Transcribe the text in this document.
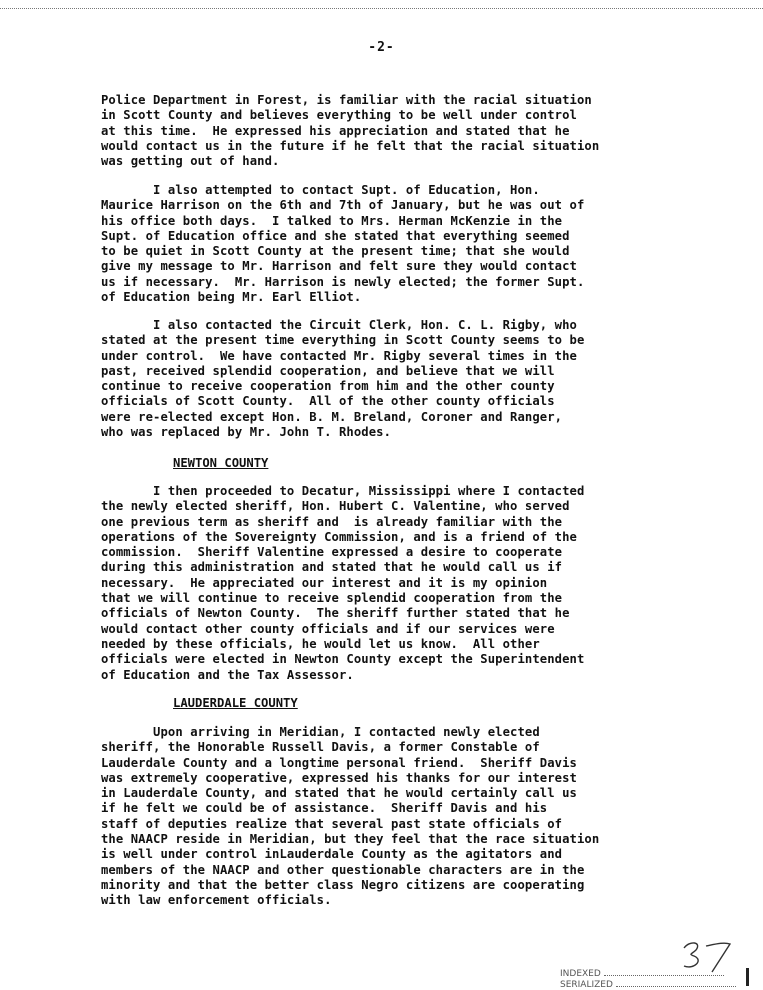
-2-
Police Department in Forest, is familiar with the racial situation
in Scott County and believes everything to be well under control
at this time.  He expressed his appreciation and stated that he
would contact us in the future if he felt that the racial situation
was getting out of hand.
I also attempted to contact Supt. of Education, Hon.
Maurice Harrison on the 6th and 7th of January, but he was out of
his office both days.  I talked to Mrs. Herman McKenzie in the
Supt. of Education office and she stated that everything seemed
to be quiet in Scott County at the present time; that she would
give my message to Mr. Harrison and felt sure they would contact
us if necessary.  Mr. Harrison is newly elected; the former Supt.
of Education being Mr. Earl Elliot.
I also contacted the Circuit Clerk, Hon. C. L. Rigby, who
stated at the present time everything in Scott County seems to be
under control.  We have contacted Mr. Rigby several times in the
past, received splendid cooperation, and believe that we will
continue to receive cooperation from him and the other county
officials of Scott County.  All of the other county officials
were re-elected except Hon. B. M. Breland, Coroner and Ranger,
who was replaced by Mr. John T. Rhodes.
NEWTON COUNTY
I then proceeded to Decatur, Mississippi where I contacted
the newly elected sheriff, Hon. Hubert C. Valentine, who served
one previous term as sheriff and  is already familiar with the
operations of the Sovereignty Commission, and is a friend of the
commission.  Sheriff Valentine expressed a desire to cooperate
during this administration and stated that he would call us if
necessary.  He appreciated our interest and it is my opinion
that we will continue to receive splendid cooperation from the
officials of Newton County.  The sheriff further stated that he
would contact other county officials and if our services were
needed by these officials, he would let us know.  All other
officials were elected in Newton County except the Superintendent
of Education and the Tax Assessor.
LAUDERDALE COUNTY
Upon arriving in Meridian, I contacted newly elected
sheriff, the Honorable Russell Davis, a former Constable of
Lauderdale County and a longtime personal friend.  Sheriff Davis
was extremely cooperative, expressed his thanks for our interest
in Lauderdale County, and stated that he would certainly call us
if he felt we could be of assistance.  Sheriff Davis and his
staff of deputies realize that several past state officials of
the NAACP reside in Meridian, but they feel that the race situation
is well under control inLauderdale County as the agitators and
members of the NAACP and other questionable characters are in the
minority and that the better class Negro citizens are cooperating
with law enforcement officials.
INDEXED
SERIALIZED
